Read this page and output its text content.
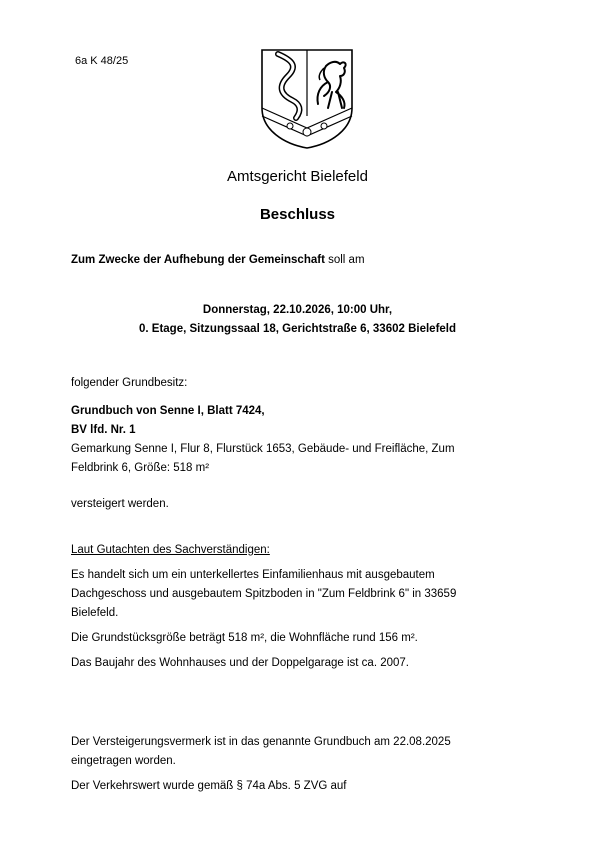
6a K 48/25
Amtsgericht Bielefeld
Beschluss
Zum Zwecke der Aufhebung der Gemeinschaft soll am
Donnerstag, 22.10.2026, 10:00 Uhr,
0. Etage, Sitzungssaal 18, Gerichtstraße 6, 33602 Bielefeld
folgender Grundbesitz:
Grundbuch von Senne I, Blatt 7424,
BV lfd. Nr. 1
Gemarkung Senne I, Flur 8, Flurstück 1653, Gebäude- und Freifläche, Zum
Feldbrink 6, Größe: 518 m²
versteigert werden.
Laut Gutachten des Sachverständigen:
Es handelt sich um ein unterkellertes Einfamilienhaus mit ausgebautem
Dachgeschoss und ausgebautem Spitzboden in "Zum Feldbrink 6" in 33659
Bielefeld.
Die Grundstücksgröße beträgt 518 m², die Wohnfläche rund 156 m².
Das Baujahr des Wohnhauses und der Doppelgarage ist ca. 2007.
Der Versteigerungsvermerk ist in das genannte Grundbuch am 22.08.2025
eingetragen worden.
Der Verkehrswert wurde gemäß § 74a Abs. 5 ZVG auf
